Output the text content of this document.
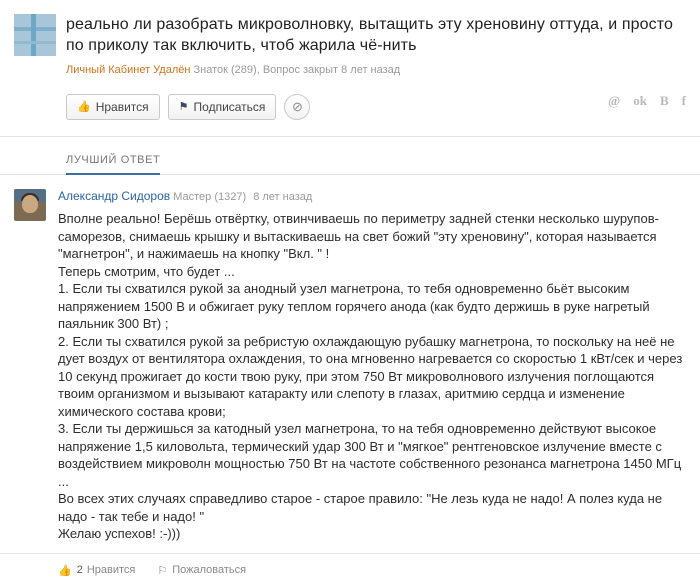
реально ли разобрать микроволновку, вытащить эту хреновину оттуда, и просто по приколу так включить, чтоб жарила чё-нить
Личный Кабинет Удалён Знаток (289), Вопрос закрыт 8 лет назад
👍 Нравится	⚑ Подписаться ⊘	@ ok В f
ЛУЧШИЙ ОТВЕТ
Александр Сидоров Мастер (1327) 8 лет назад

Вполне реально! Берёшь отвёртку, отвинчиваешь по периметру задней стенки несколько шурупов-саморезов, снимаешь крышку и вытаскиваешь на свет божий "эту хреновину", которая называется "магнетрон", и нажимаешь на кнопку "Вкл. " !

Теперь смотрим, что будет ...

1. Если ты схватился рукой за анодный узел магнетрона, то тебя одновременно бьёт высоким напряжением 1500 В и обжигает руку теплом горячего анода (как будто держишь в руке нагретый паяльник 300 Вт) ;

2. Если ты схватился рукой за ребристую охлаждающую рубашку магнетрона, то поскольку на неё не дует воздух от вентилятора охлаждения, то она мгновенно нагревается со скоростью 1 кВт/сек и через 10 секунд прожигает до кости твою руку, при этом 750 Вт микроволнового излучения поглощаются твоим организмом и вызывают катаракту или слепоту в глазах, аритмию сердца и изменение химического состава крови;

3. Если ты держишься за катодный узел магнетрона, то на тебя одновременно действуют высокое напряжение 1,5 киловольта, термический удар 300 Вт и "мягкое" рентгеновское излучение вместе с воздействием микроволн мощностью 750 Вт на частоте собственного резонанса магнетрона 1450 МГц ...

Во всех этих случаях справедливо старое - старое правило: "Не лезь куда не надо! А полез куда не надо - так тебе и надо! "

Желаю успехов! :-)))

👍 2 Нравится ⚐ Пожаловаться
